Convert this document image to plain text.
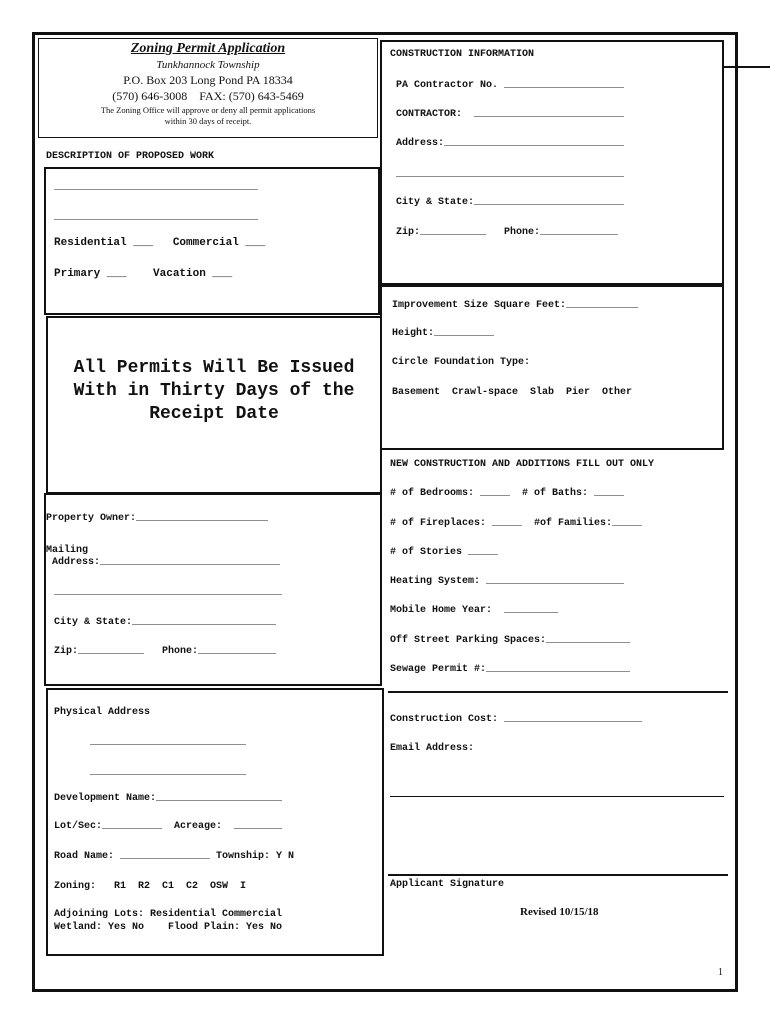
Zoning Permit Application
Tunkhannock Township
P.O. Box 203 Long Pond PA 18334
(570) 646-3008    FAX: (570) 643-5469
The Zoning Office will approve or deny all permit applications
within 30 days of receipt.
DESCRIPTION OF PROPOSED WORK
__________________________________
__________________________________
Residential ___   Commercial ___
Primary ___    Vacation ___
All Permits Will Be Issued
With in Thirty Days of the
Receipt Date
Property Owner:______________________
Mailing
Address:______________________________
______________________________________
City & State:________________________
Zip:___________   Phone:_____________
Physical Address
__________________________
__________________________
Development Name:_____________________
Lot/Sec:__________  Acreage:  ________
Road Name: _______________ Township: Y N
Zoning:   R1  R2  C1  C2  OSW  I
Adjoining Lots: Residential Commercial
Wetland: Yes No    Flood Plain: Yes No
CONSTRUCTION INFORMATION
PA Contractor No. ____________________
CONTRACTOR:  _________________________
Address:______________________________
______________________________________
City & State:_________________________
Zip:___________   Phone:_____________
Improvement Size Square Feet:____________
Height:__________
Circle Foundation Type:
Basement  Crawl-space  Slab  Pier  Other
NEW CONSTRUCTION AND ADDITIONS FILL OUT ONLY
# of Bedrooms: _____  # of Baths: _____
# of Fireplaces: _____  #of Families:_____
# of Stories _____
Heating System: _______________________
Mobile Home Year:  _________
Off Street Parking Spaces:______________
Sewage Permit #:________________________
Construction Cost: _______________________
Email Address:
Applicant Signature
Revised 10/15/18
1
